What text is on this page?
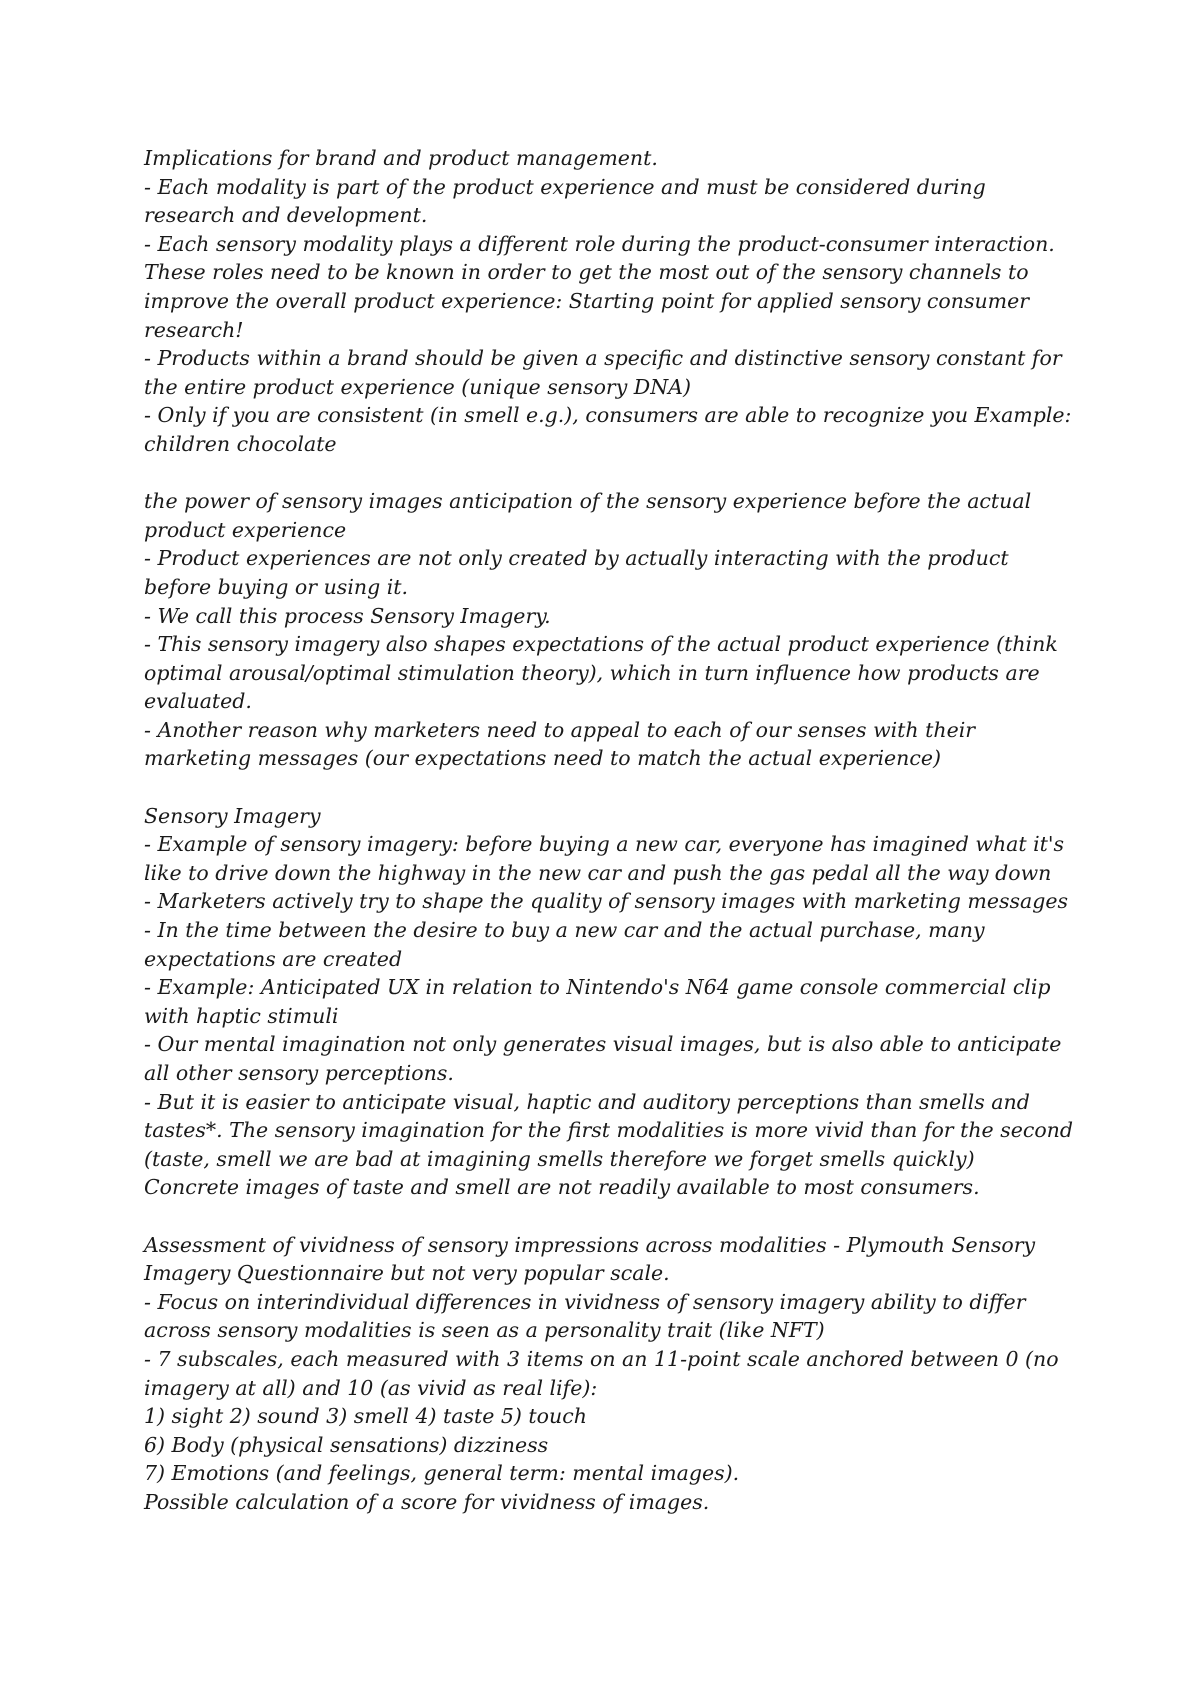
Implications for brand and product management.

- Each modality is part of the product experience and must be considered during research and development.

- Each sensory modality plays a different role during the product-consumer interaction. These roles need to be known in order to get the most out of the sensory channels to improve the overall product experience: Starting point for applied sensory consumer research!

- Products within a brand should be given a specific and distinctive sensory constant for the entire product experience (unique sensory DNA)

- Only if you are consistent (in smell e.g.), consumers are able to recognize you Example: children chocolate

the power of sensory images anticipation of the sensory experience before the actual product experience

- Product experiences are not only created by actually interacting with the product before buying or using it.

- We call this process Sensory Imagery.

- This sensory imagery also shapes expectations of the actual product experience (think optimal arousal/optimal stimulation theory), which in turn influence how products are evaluated.

- Another reason why marketers need to appeal to each of our senses with their marketing messages (our expectations need to match the actual experience)

Sensory Imagery

- Example of sensory imagery: before buying a new car, everyone has imagined what it's like to drive down the highway in the new car and push the gas pedal all the way down

- Marketers actively try to shape the quality of sensory images with marketing messages

- In the time between the desire to buy a new car and the actual purchase, many expectations are created

- Example: Anticipated UX in relation to Nintendo's N64 game console commercial clip with haptic stimuli

- Our mental imagination not only generates visual images, but is also able to anticipate all other sensory perceptions.

- But it is easier to anticipate visual, haptic and auditory perceptions than smells and tastes*. The sensory imagination for the first modalities is more vivid than for the second (taste, smell we are bad at imagining smells therefore we forget smells quickly) Concrete images of taste and smell are not readily available to most consumers.

Assessment of vividness of sensory impressions across modalities - Plymouth Sensory Imagery Questionnaire but not very popular scale.

- Focus on interindividual differences in vividness of sensory imagery ability to differ across sensory modalities is seen as a personality trait (like NFT)

- 7 subscales, each measured with 3 items on an 11-point scale anchored between 0 (no imagery at all) and 10 (as vivid as real life):

1) sight 2) sound 3) smell 4) taste 5) touch

6) Body (physical sensations) dizziness

7) Emotions (and feelings, general term: mental images).

Possible calculation of a score for vividness of images.
